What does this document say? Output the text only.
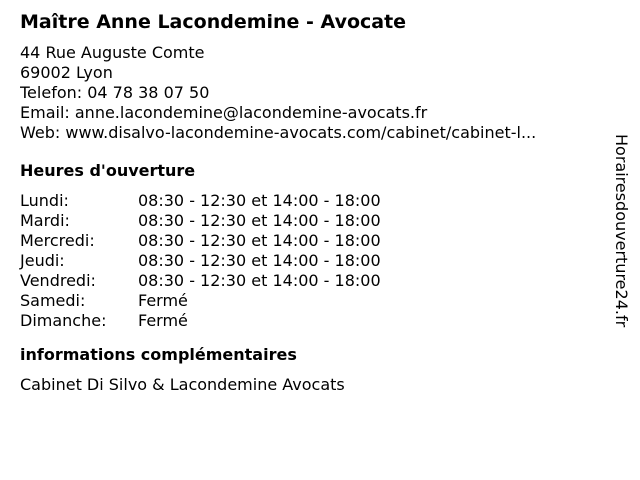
Maître Anne Lacondemine - Avocate
44 Rue Auguste Comte
69002 Lyon
Telefon: 04 78 38 07 50
Email: anne.lacondemine@lacondemine-avocats.fr
Web: www.disalvo-lacondemine-avocats.com/cabinet/cabinet-l...
Heures d'ouverture
Lundi:	08:30 - 12:30 et 14:00 - 18:00
Mardi:	08:30 - 12:30 et 14:00 - 18:00
Mercredi:	08:30 - 12:30 et 14:00 - 18:00
Jeudi:	08:30 - 12:30 et 14:00 - 18:00
Vendredi:	08:30 - 12:30 et 14:00 - 18:00
Samedi:	Fermé
Dimanche:	Fermé
informations complémentaires
Cabinet Di Silvo & Lacondemine Avocats
Horairesdouverture24.fr
